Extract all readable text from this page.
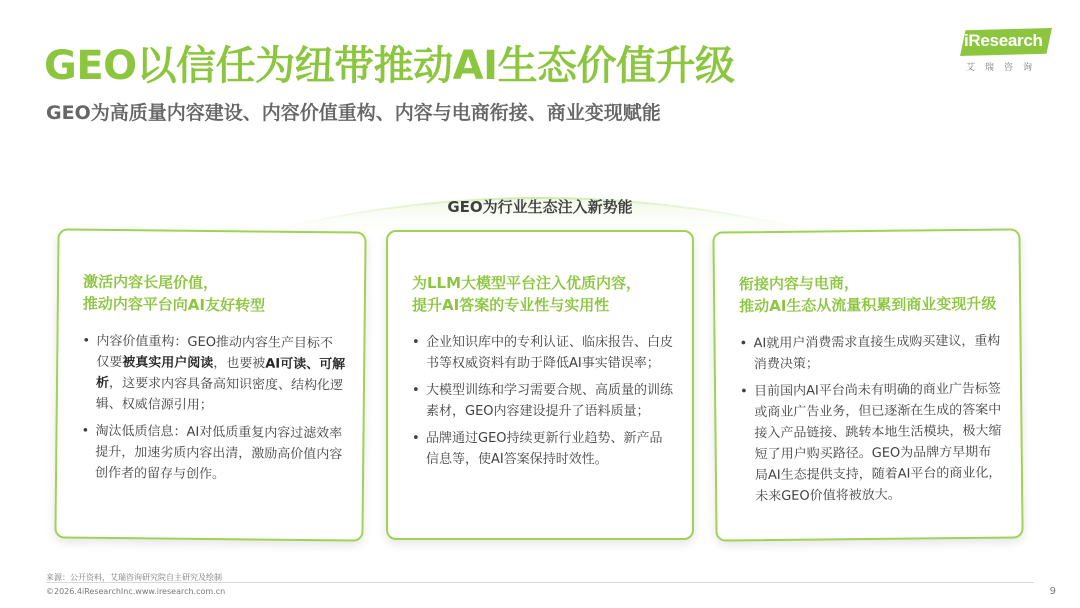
GEO以信任为纽带推动AI生态价值升级
GEO为高质量内容建设、内容价值重构、内容与电商衔接、商业变现赋能
iResearch
艾瑞咨询
GEO为行业生态注入新势能
激活内容长尾价值，
推动内容平台向AI友好转型
• 内容价值重构：GEO推动内容生产目标不仅要被真实用户阅读，也要被AI可读、可解析，这要求内容具备高知识密度、结构化逻辑、权威信源引用；
• 淘汰低质信息：AI对低质重复内容过滤效率提升，加速劣质内容出清，激励高价值内容创作者的留存与创作。
为LLM大模型平台注入优质内容，
提升AI答案的专业性与实用性
• 企业知识库中的专利认证、临床报告、白皮书等权威资料有助于降低AI事实错误率；
• 大模型训练和学习需要合规、高质量的训练素材，GEO内容建设提升了语料质量；
• 品牌通过GEO持续更新行业趋势、新产品信息等，使AI答案保持时效性。
衔接内容与电商，
推动AI生态从流量积累到商业变现升级
• AI就用户消费需求直接生成购买建议，重构消费决策；
• 目前国内AI平台尚未有明确的商业广告标签或商业广告业务，但已逐渐在生成的答案中接入产品链接、跳转本地生活模块，极大缩短了用户购买路径。GEO为品牌方早期布局AI生态提供支持，随着AI平台的商业化，未来GEO价值将被放大。
来源：公开资料，艾瑞咨询研究院自主研究及绘制
©2026.4iResearchInc.www.iresearch.com.cn	9
